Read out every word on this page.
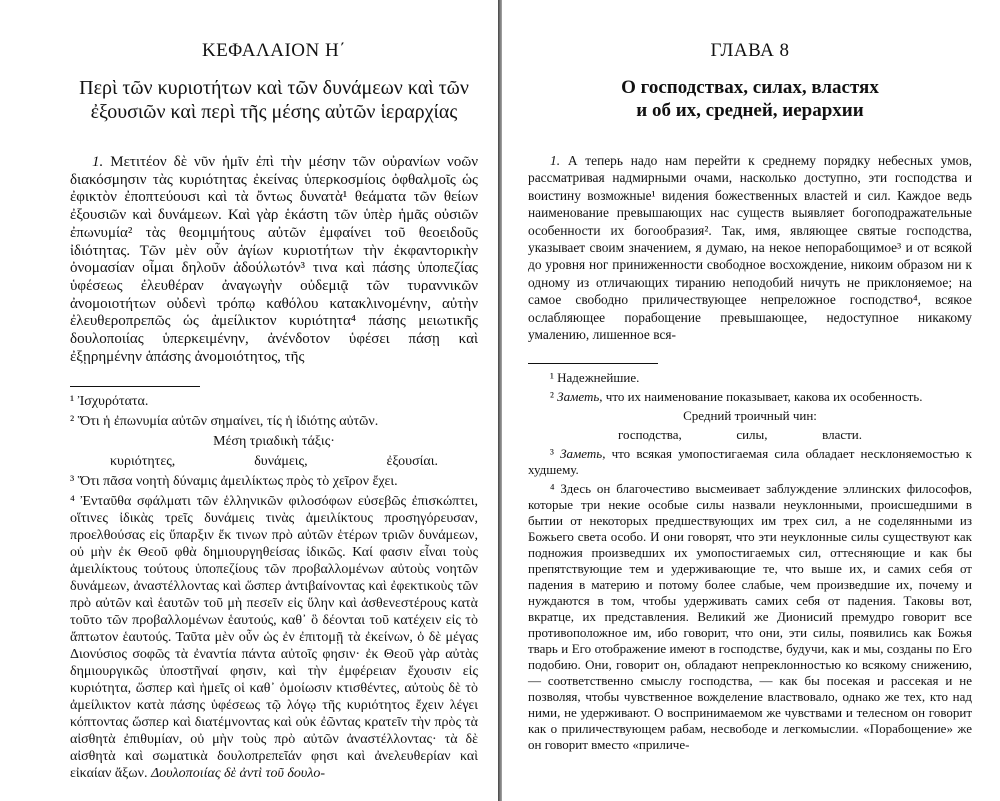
ΚΕΦΑΛΑΙΟΝ Η΄
Περὶ τῶν κυριοτήτων καὶ τῶν δυνάμεων καὶ τῶν
ἐξουσιῶν καὶ περὶ τῆς μέσης αὐτῶν ἱεραρχίας

1. Μετιτέον δὲ νῦν ἡμῖν ἐπὶ τὴν μέσην τῶν οὐρανίων νοῶν διακόσμησιν τὰς κυριότητας ἐκείνας ὑπερκοσμίοις ὀφθαλμοῖς ὡς ἐφικτὸν ἐποπτεύουσι καὶ τὰ ὄντως δυνατὰ¹ θεάματα τῶν θείων ἐξουσιῶν καὶ δυνάμεων. Καὶ γὰρ ἑκάστη τῶν ὑπὲρ ἡμᾶς οὐσιῶν ἐπωνυμία² τὰς θεομιμήτους αὐτῶν ἐμφαίνει τοῦ θεοειδοῦς ἰδιότητας. Τῶν μὲν οὖν ἁγίων κυριοτήτων τὴν ἐκφαντορικὴν ὀνομασίαν οἶμαι δηλοῦν ἀδούλωτόν³ τινα καὶ πάσης ὑποπεζίας ὑφέσεως ἐλευθέραν ἀναγωγὴν οὐδεμιᾷ τῶν τυραννικῶν ἀνομοιοτήτων οὐδενὶ τρόπῳ καθόλου κατακλινομένην, αὐτὴν ἐλευθεροπρεπῶς ὡς ἀμείλικτον κυριότητα⁴ πάσης μειωτικῆς δουλοποιίας ὑπερκειμένην, ἀνένδοτον ὑφέσει πάσῃ καὶ ἐξῃρημένην ἁπάσης ἀνομοιότητος, τῆς

¹ Ἰσχυρότατα.

² Ὅτι ἡ ἐπωνυμία αὐτῶν σημαίνει, τίς ἡ ἰδιότης αὐτῶν.

Μέση τριαδικὴ τάξις·

κυριότητες,	δυνάμεις,	ἐξουσίαι.

³ Ὅτι πᾶσα νοητὴ δύναμις ἀμειλίκτως πρὸς τὸ χεῖρον ἔχει.

⁴ Ἐνταῦθα σφάλματι τῶν ἑλληνικῶν φιλοσόφων εὐσεβῶς ἐπισκώπτει, οἵτινες ἰδικὰς τρεῖς δυνάμεις τινὰς ἀμειλίκτους προσηγόρευσαν, προελθούσας εἰς ὕπαρξιν ἔκ τινων πρὸ αὐτῶν ἑτέρων τριῶν δυνάμεων, οὐ μὴν ἐκ Θεοῦ φθὰ δημιουργηθείσας ἰδικῶς. Καί φασιν εἶναι τοὺς ἀμειλίκτους τούτους ὑποπεζίους τῶν προβαλλομένων αὐτοὺς νοητῶν δυνάμεων, ἀναστέλλοντας καὶ ὥσπερ ἀντιβαίνοντας καὶ ἐφεκτικοὺς τῶν πρὸ αὐτῶν καὶ ἑαυτῶν τοῦ μὴ πεσεῖν εἰς ὕλην καὶ ἀσθενεστέρους κατὰ τοῦτο τῶν προβαλλομένων ἑαυτούς, καθ᾽ ὃ δέονται τοῦ κατέχειν εἰς τὸ ἄπτωτον ἑαυτούς. Ταῦτα μὲν οὖν ὡς ἐν ἐπιτομῇ τὰ ἐκείνων, ὁ δὲ μέγας Διονύσιος σοφῶς τὰ ἐναντία πάντα αὐτοῖς φησιν· ἐκ Θεοῦ γὰρ αὐτὰς δημιουργικῶς ὑποστῆναί φησιν, καὶ τὴν ἐμφέρειαν ἔχουσιν εἰς κυριότητα, ὥσπερ καὶ ἡμεῖς οἱ καθ᾽ ὁμοίωσιν κτισθέντες, αὐτοὺς δὲ τὸ ἀμείλικτον κατὰ πάσης ὑφέσεως τῷ λόγῳ τῆς κυριότητος ἔχειν λέγει κόπτοντας ὥσπερ καὶ διατέμνοντας καὶ οὐκ ἐῶντας κρατεῖν τὴν πρὸς τὰ αἰσθητὰ ἐπιθυμίαν, οὐ μὴν τοὺς πρὸ αὐτῶν ἀναστέλλοντας· τὰ δὲ αἰσθητὰ καὶ σωματικὰ δουλοπρεπεῖάν φησι καὶ ἀνελευθερίαν καὶ εἰκαίαν ἄξων. Δουλοποιίας δὲ ἀντὶ τοῦ δουλο-

ГЛАВА 8
О господствах, силах, властях
и об их, средней, иерархии

1. А теперь надо нам перейти к среднему порядку небесных умов, рассматривая надмирными очами, насколько доступно, эти господства и воистину возможные¹ видения божественных властей и сил. Каждое ведь наименование превышающих нас существ выявляет богоподражательные особенности их богообразия². Так, имя, являющее святые господства, указывает своим значением, я думаю, на некое непорабощимое³ и от всякой до уровня ног приниженности свободное восхождение, никоим образом ни к одному из отличающих тиранию неподобий ничуть не приклоняемое; на самое свободно приличествующее непреложное господство⁴, всякое ослабляющее порабощение превышающее, недоступное никакому умалению, лишенное вся-

¹ Надежнейшие.

² Заметь, что их наименование показывает, какова их особенность.

Средний троичный чин:

господства,	силы,	власти.

³ Заметь, что всякая умопостигаемая сила обладает несклоняемостью к худшему.

⁴ Здесь он благочестиво высмеивает заблуждение эллинских философов, которые три некие особые силы назвали неуклонными, происшедшими в бытии от некоторых предшествующих им трех сил, а не соделянными из Божьего света особо. И они говорят, что эти неуклонные силы существуют как подножия произведших их умопостигаемых сил, оттесняющие и как бы препятствующие тем и удерживающие те, что выше их, и самих себя от падения в материю и потому более слабые, чем произведшие их, почему и нуждаются в том, чтобы удерживать самих себя от падения. Таковы вот, вкратце, их представления. Великий же Дионисий премудро говорит все противоположное им, ибо говорит, что они, эти силы, появились как Божья тварь и Его отображение имеют в господстве, будучи, как и мы, созданы по Его подобию. Они, говорит он, обладают непреклонностью ко всякому снижению, — соответственно смыслу господства, — как бы посекая и рассекая и не позволяя, чтобы чувственное вожделение властвовало, однако же тех, кто над ними, не удерживают. О воспринимаемом же чувствами и телесном он говорит как о приличествующем рабам, несвободе и легкомыслии. «Порабощение» же он говорит вместо «приличе-
